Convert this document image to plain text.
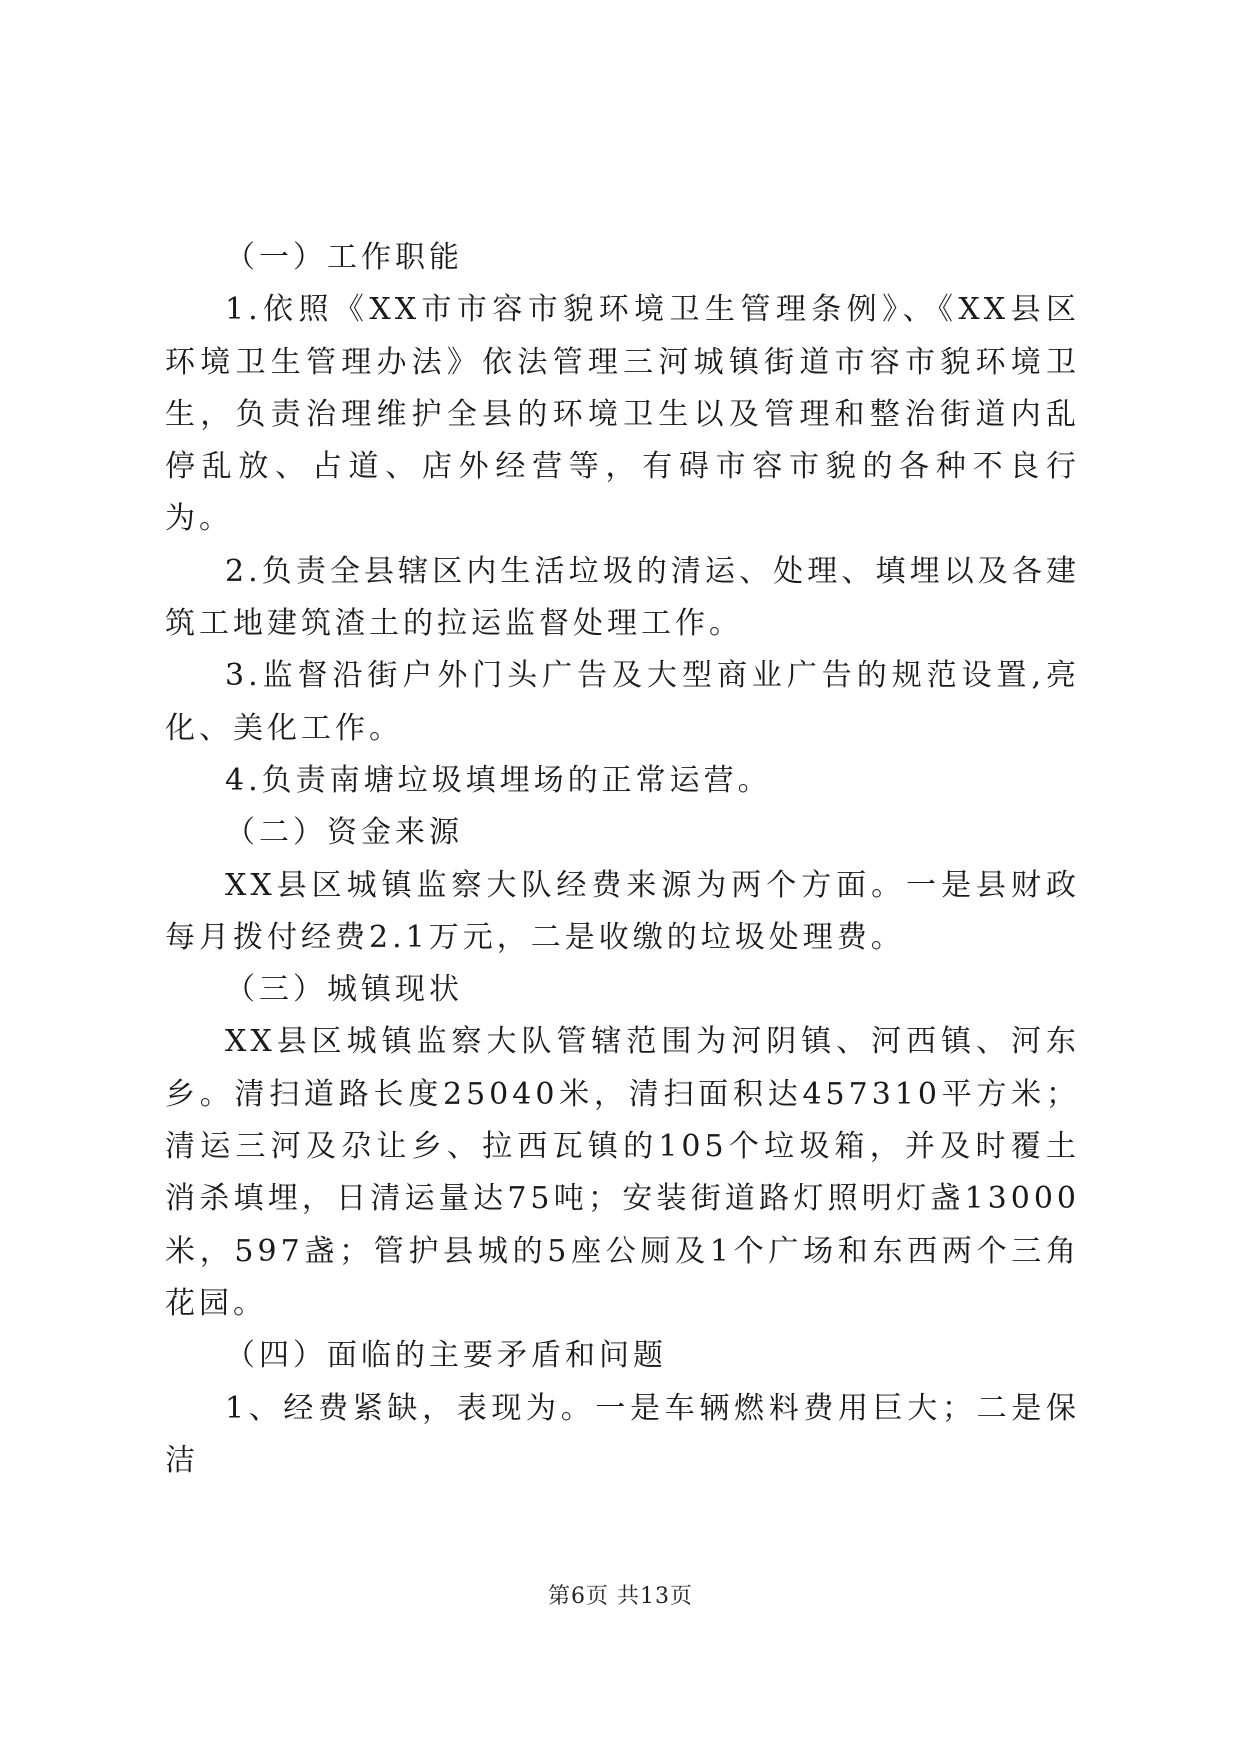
（一）工作职能

1.依照《XX市市容市貌环境卫生管理条例》、《XX县区环境卫生管理办法》依法管理三河城镇街道市容市貌环境卫生，负责治理维护全县的环境卫生以及管理和整治街道内乱停乱放、占道、店外经营等，有碍市容市貌的各种不良行为。

2.负责全县辖区内生活垃圾的清运、处理、填埋以及各建筑工地建筑渣土的拉运监督处理工作。

3.监督沿街户外门头广告及大型商业广告的规范设置,亮化、美化工作。

4.负责南塘垃圾填埋场的正常运营。

（二）资金来源

XX县区城镇监察大队经费来源为两个方面。一是县财政每月拨付经费2.1万元，二是收缴的垃圾处理费。

（三）城镇现状

XX县区城镇监察大队管辖范围为河阴镇、河西镇、河东乡。清扫道路长度25040米，清扫面积达457310平方米；清运三河及尕让乡、拉西瓦镇的105个垃圾箱，并及时覆土消杀填埋，日清运量达75吨；安装街道路灯照明灯盏13000米，597盏；管护县城的5座公厕及1个广场和东西两个三角花园。

（四）面临的主要矛盾和问题

1、经费紧缺，表现为。一是车辆燃料费用巨大；二是保洁

第6页 共13页
